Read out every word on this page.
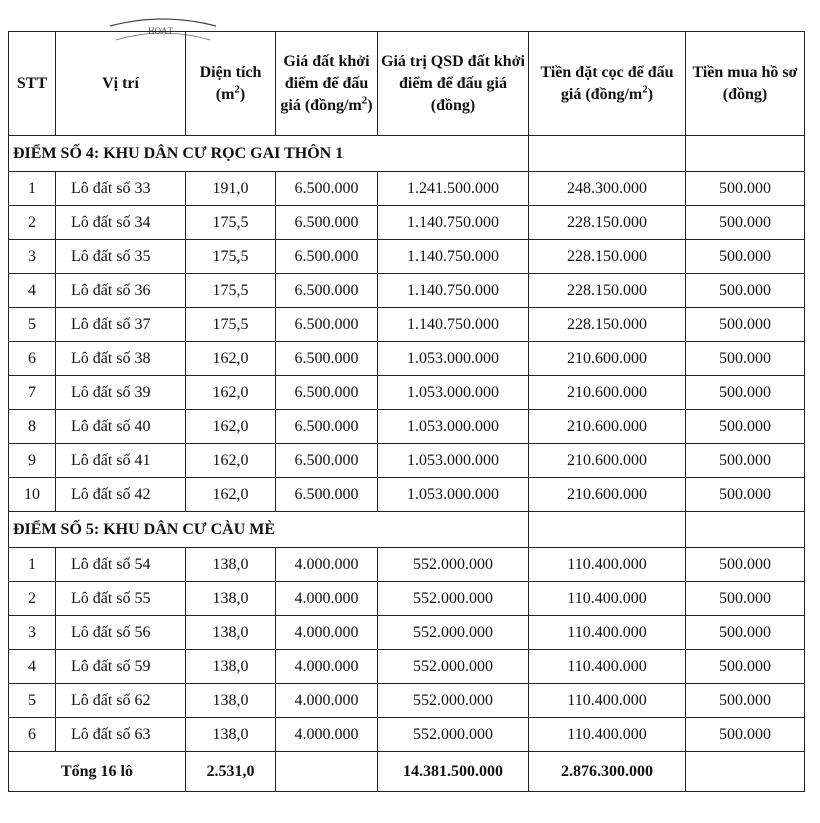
HOẠT
STT	Vị trí	Diện tích $(m^2)$	Giá đất khởi điểm để đấu giá $(đồng/m^2)$	Giá trị QSD đất khởi điểm để đấu giá (đồng)	Tiền đặt cọc để đấu giá $(đồng/m^2)$	Tiền mua hồ sơ (đồng)
ĐIỂM SỐ 4: KHU DÂN CƯ RỌC GAI THÔN 1						
1	Lô đất số 33	191,0	6.500.000	1.241.500.000	248.300.000	500.000
2	Lô đất số 34	175,5	6.500.000	1.140.750.000	228.150.000	500.000
3	Lô đất số 35	175,5	6.500.000	1.140.750.000	228.150.000	500.000
4	Lô đất số 36	175,5	6.500.000	1.140.750.000	228.150.000	500.000
5	Lô đất số 37	175,5	6.500.000	1.140.750.000	228.150.000	500.000
6	Lô đất số 38	162,0	6.500.000	1.053.000.000	210.600.000	500.000
7	Lô đất số 39	162,0	6.500.000	1.053.000.000	210.600.000	500.000
8	Lô đất số 40	162,0	6.500.000	1.053.000.000	210.600.000	500.000
9	Lô đất số 41	162,0	6.500.000	1.053.000.000	210.600.000	500.000
10	Lô đất số 42	162,0	6.500.000	1.053.000.000	210.600.000	500.000
ĐIỂM SỐ 5: KHU DÂN CƯ CÀU MÈ						
1	Lô đất số 54	138,0	4.000.000	552.000.000	110.400.000	500.000
2	Lô đất số 55	138,0	4.000.000	552.000.000	110.400.000	500.000
3	Lô đất số 56	138,0	4.000.000	552.000.000	110.400.000	500.000
4	Lô đất số 59	138,0	4.000.000	552.000.000	110.400.000	500.000
5	Lô đất số 62	138,0	4.000.000	552.000.000	110.400.000	500.000
6	Lô đất số 63	138,0	4.000.000	552.000.000	110.400.000	500.000
Tổng 16 lô		2.531,0		14.381.500.000	2.876.300.000	
